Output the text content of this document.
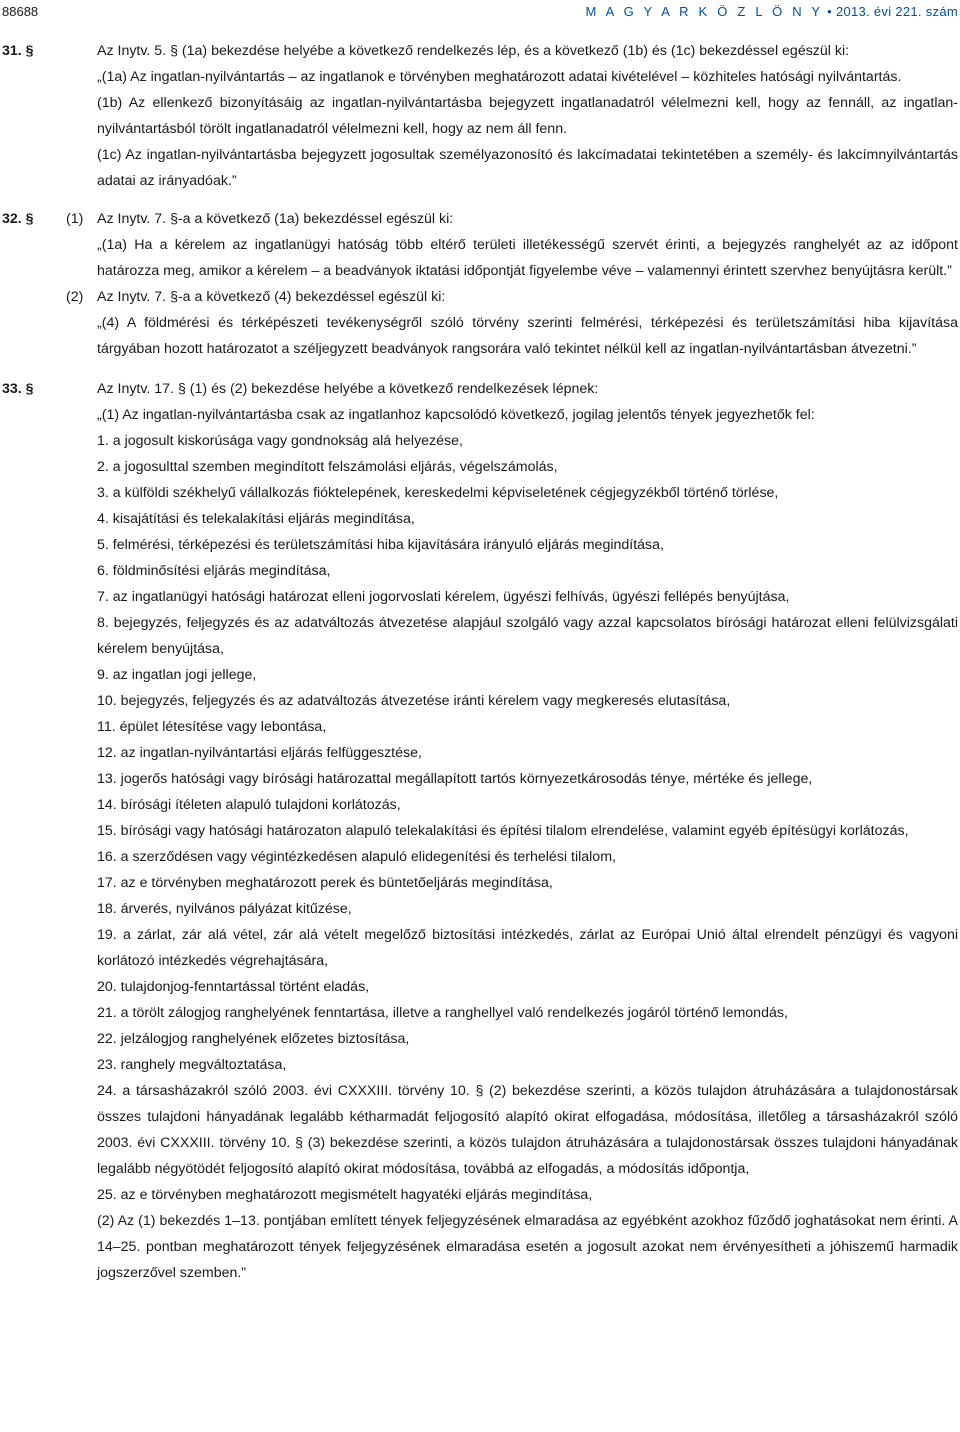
88688	M A G Y A R K Ö Z L Ö N Y • 2013. évi 221. szám
31. §	Az Inytv. 5. § (1a) bekezdése helyébe a következő rendelkezés lép, és a következő (1b) és (1c) bekezdéssel egészül ki:

„(1a) Az ingatlan-nyilvántartás – az ingatlanok e törvényben meghatározott adatai kivételével – közhiteles hatósági nyilvántartás.

(1b) Az ellenkező bizonyításáig az ingatlan-nyilvántartásba bejegyzett ingatlanadatról vélelmezni kell, hogy az fennáll, az ingatlan-nyilvántartásból törölt ingatlanadatról vélelmezni kell, hogy az nem áll fenn.

(1c) Az ingatlan-nyilvántartásba bejegyzett jogosultak személyazonosító és lakcímadatai tekintetében a személy- és lakcímnyilvántartás adatai az irányadóak.”

32. § (1) Az Inytv. 7. §-a a következő (1a) bekezdéssel egészül ki:

„(1a) Ha a kérelem az ingatlanügyi hatóság több eltérő területi illetékességű szervét érinti, a bejegyzés ranghelyét az az időpont határozza meg, amikor a kérelem – a beadványok iktatási időpontját figyelembe véve – valamennyi érintett szervhez benyújtásra került.”

(2) Az Inytv. 7. §-a a következő (4) bekezdéssel egészül ki:

„(4) A földmérési és térképészeti tevékenységről szóló törvény szerinti felmérési, térképezési és területszámítási hiba kijavítása tárgyában hozott határozatot a széljegyzett beadványok rangsorára való tekintet nélkül kell az ingatlan-nyilvántartásban átvezetni.”

33. §	Az Inytv. 17. § (1) és (2) bekezdése helyébe a következő rendelkezések lépnek:

„(1) Az ingatlan-nyilvántartásba csak az ingatlanhoz kapcsolódó következő, jogilag jelentős tények jegyezhetők fel:

1. a jogosult kiskorúsága vagy gondnokság alá helyezése,

2. a jogosulttal szemben megindított felszámolási eljárás, végelszámolás,

3. a külföldi székhelyű vállalkozás fióktelepének, kereskedelmi képviseletének cégjegyzékből történő törlése,

4. kisajátítási és telekalakítási eljárás megindítása,

5. felmérési, térképezési és területszámítási hiba kijavítására irányuló eljárás megindítása,

6. földminősítési eljárás megindítása,

7. az ingatlanügyi hatósági határozat elleni jogorvoslati kérelem, ügyészi felhívás, ügyészi fellépés benyújtása,

8. bejegyzés, feljegyzés és az adatváltozás átvezetése alapjául szolgáló vagy azzal kapcsolatos bírósági határozat elleni felülvizsgálati kérelem benyújtása,

9. az ingatlan jogi jellege,

10. bejegyzés, feljegyzés és az adatváltozás átvezetése iránti kérelem vagy megkeresés elutasítása,

11. épület létesítése vagy lebontása,

12. az ingatlan-nyilvántartási eljárás felfüggesztése,

13. jogerős hatósági vagy bírósági határozattal megállapított tartós környezetkárosodás ténye, mértéke és jellege,

14. bírósági ítéleten alapuló tulajdoni korlátozás,

15. bírósági vagy hatósági határozaton alapuló telekalakítási és építési tilalom elrendelése, valamint egyéb építésügyi korlátozás,

16. a szerződésen vagy végintézkedésen alapuló elidegenítési és terhelési tilalom,

17. az e törvényben meghatározott perek és büntetőeljárás megindítása,

18. árverés, nyilvános pályázat kitűzése,

19. a zárlat, zár alá vétel, zár alá vételt megelőző biztosítási intézkedés, zárlat az Európai Unió által elrendelt pénzügyi és vagyoni korlátozó intézkedés végrehajtására,

20. tulajdonjog-fenntartással történt eladás,

21. a törölt zálogjog ranghelyének fenntartása, illetve a ranghellyel való rendelkezés jogáról történő lemondás,

22. jelzálogjog ranghelyének előzetes biztosítása,

23. ranghely megváltoztatása,

24. a társasházakról szóló 2003. évi CXXXIII. törvény 10. § (2) bekezdése szerinti, a közös tulajdon átruházására a tulajdonostársak összes tulajdoni hányadának legalább kétharmadát feljogosító alapító okirat elfogadása, módosítása, illetőleg a társasházakról szóló 2003. évi CXXXIII. törvény 10. § (3) bekezdése szerinti, a közös tulajdon átruházására a tulajdonostársak összes tulajdoni hányadának legalább négyötödét feljogosító alapító okirat módosítása, továbbá az elfogadás, a módosítás időpontja,

25. az e törvényben meghatározott megismételt hagyatéki eljárás megindítása,

(2) Az (1) bekezdés 1–13. pontjában említett tények feljegyzésének elmaradása az egyébként azokhoz fűződő joghatásokat nem érinti. A 14–25. pontban meghatározott tények feljegyzésének elmaradása esetén a jogosult azokat nem érvényesítheti a jóhiszemű harmadik jogszerzővel szemben.”
